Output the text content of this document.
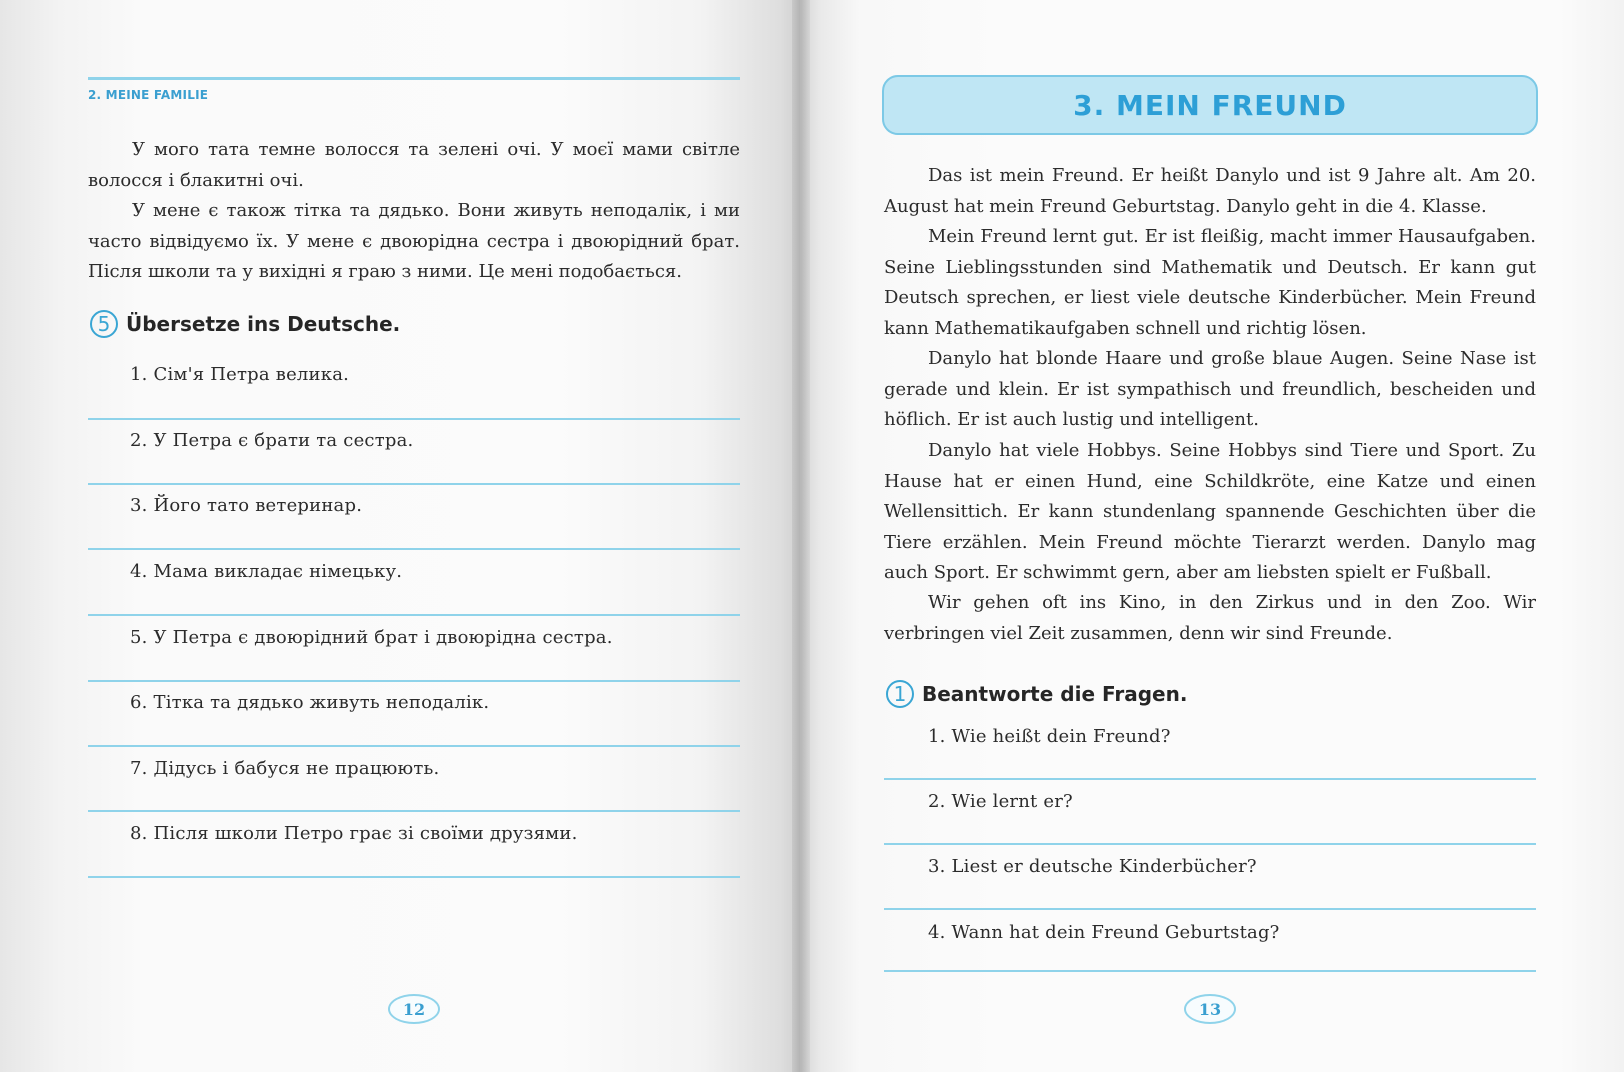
2. MEINE FAMILIE

У мого тата темне волосся та зелені очі. У моєї мами світле волосся і блакитні очі.

У мене є також тітка та дядько. Вони живуть неподалік, і ми часто відвідуємо їх. У мене є двоюрідна сестра і двоюрідний брат. Після школи та у вихідні я граю з ними. Це мені подобається.

5 Übersetze ins Deutsche.
1. Сім'я Петра велика.
2. У Петра є брати та сестра.
3. Його тато ветеринар.
4. Мама викладає німецьку.
5. У Петра є двоюрідний брат і двоюрідна сестра.
6. Тітка та дядько живуть неподалік.
7. Дідусь і бабуся не працюють.
8. Після школи Петро грає зі своїми друзями.
12
3. MEIN FREUND

Das ist mein Freund. Er heißt Danylo und ist 9 Jahre alt. Am 20. August hat mein Freund Geburtstag. Danylo geht in die 4. Klasse.

Mein Freund lernt gut. Er ist fleißig, macht immer Hausaufgaben. Seine Lieblingsstunden sind Mathematik und Deutsch. Er kann gut Deutsch sprechen, er liest viele deutsche Kinderbücher. Mein Freund kann Mathematikaufgaben schnell und richtig lösen.

Danylo hat blonde Haare und große blaue Augen. Seine Nase ist gerade und klein. Er ist sympathisch und freundlich, bescheiden und höflich. Er ist auch lustig und intelligent.

Danylo hat viele Hobbys. Seine Hobbys sind Tiere und Sport. Zu Hause hat er einen Hund, eine Schildkröte, eine Katze und einen Wellensittich. Er kann stundenlang spannende Geschichten über die Tiere erzählen. Mein Freund möchte Tierarzt werden. Danylo mag auch Sport. Er schwimmt gern, aber am liebsten spielt er Fußball.

Wir gehen oft ins Kino, in den Zirkus und in den Zoo. Wir verbringen viel Zeit zusammen, denn wir sind Freunde.

1 Beantworte die Fragen.
1. Wie heißt dein Freund?
2. Wie lernt er?
3. Liest er deutsche Kinderbücher?
4. Wann hat dein Freund Geburtstag?
13
